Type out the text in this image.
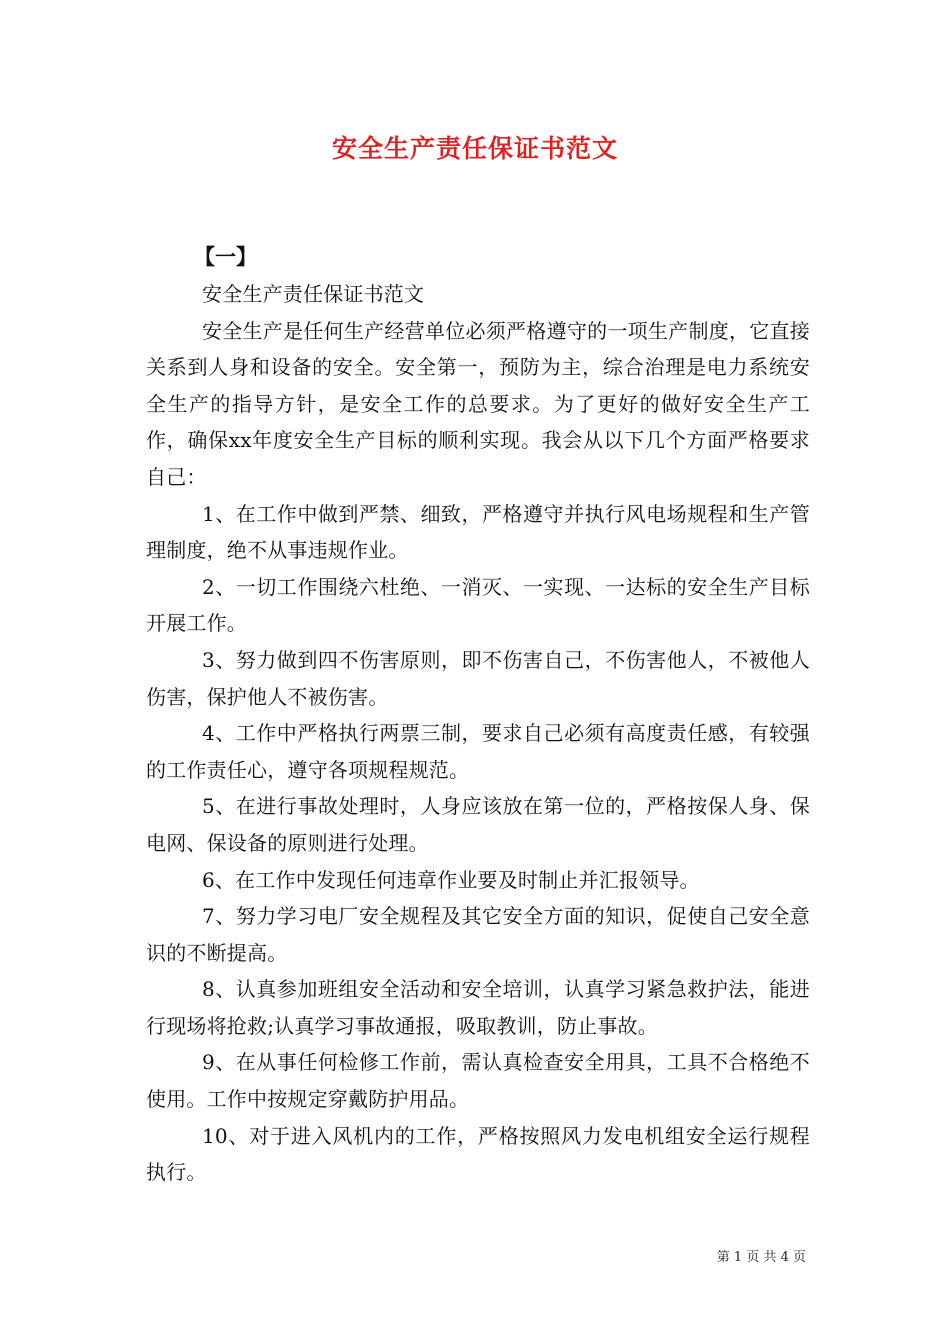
安全生产责任保证书范文
【一】

安全生产责任保证书范文

安全生产是任何生产经营单位必须严格遵守的一项生产制度，它直接关系到人身和设备的安全。安全第一，预防为主，综合治理是电力系统安全生产的指导方针，是安全工作的总要求。为了更好的做好安全生产工作，确保xx年度安全生产目标的顺利实现。我会从以下几个方面严格要求自己：

1、在工作中做到严禁、细致，严格遵守并执行风电场规程和生产管理制度，绝不从事违规作业。

2、一切工作围绕六杜绝、一消灭、一实现、一达标的安全生产目标开展工作。

3、努力做到四不伤害原则，即不伤害自己，不伤害他人，不被他人伤害，保护他人不被伤害。

4、工作中严格执行两票三制，要求自己必须有高度责任感，有较强的工作责任心，遵守各项规程规范。

5、在进行事故处理时，人身应该放在第一位的，严格按保人身、保电网、保设备的原则进行处理。

6、在工作中发现任何违章作业要及时制止并汇报领导。

7、努力学习电厂安全规程及其它安全方面的知识，促使自己安全意识的不断提高。

8、认真参加班组安全活动和安全培训，认真学习紧急救护法，能进行现场将抢救;认真学习事故通报，吸取教训，防止事故。

9、在从事任何检修工作前，需认真检查安全用具，工具不合格绝不使用。工作中按规定穿戴防护用品。

10、对于进入风机内的工作，严格按照风力发电机组安全运行规程执行。

第 1 页 共 4 页
